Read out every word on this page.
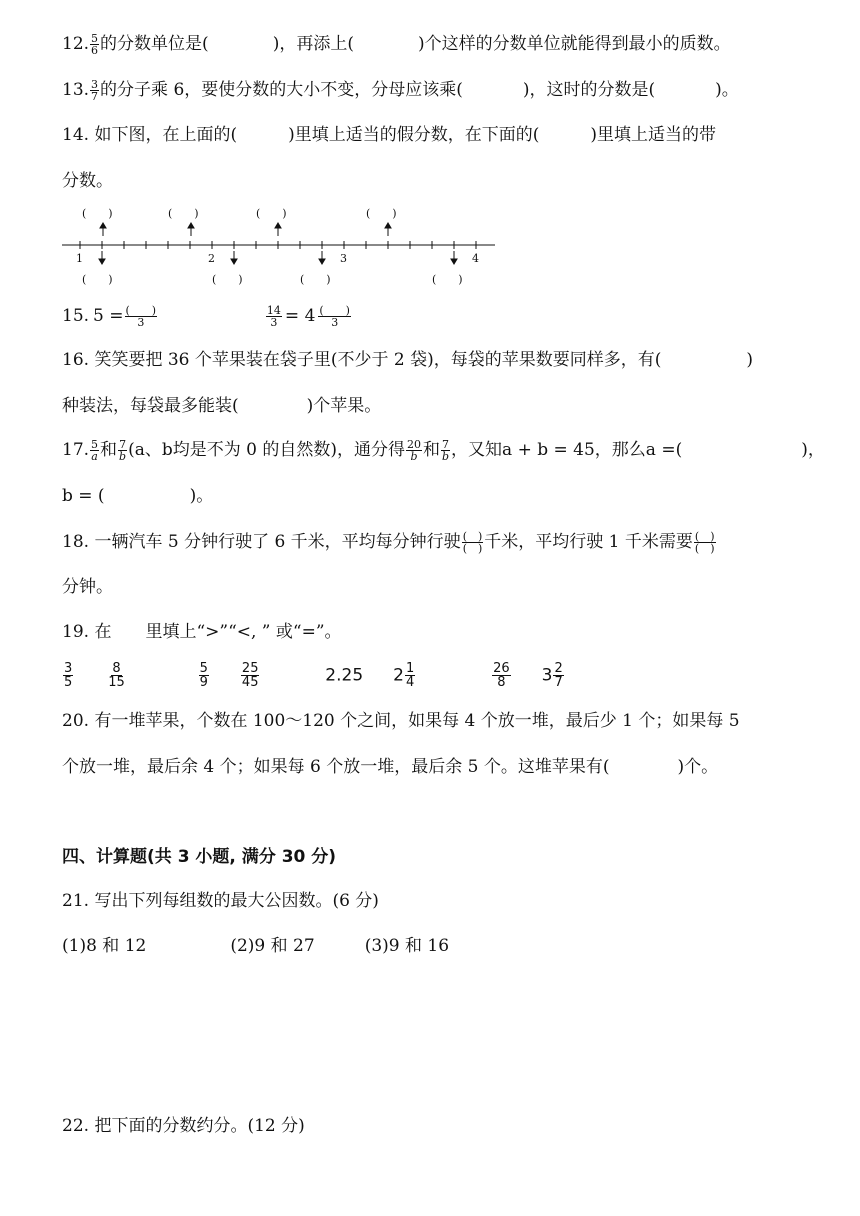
12. $\frac{5}{6}$ 的分数单位是(	)，再添上(	)个这样的分数单位就能得到最小的质数。
13. $\frac{3}{7}$ 的分子乘 6，要使分数的大小不变，分母应该乘(	)，这时的分数是(	)。
14. 如下图，在上面的(　　　)里填上适当的假分数，在下面的(　　　)里填上适当的带
分数。
(　　)	(　　)	(　　)	(　　)
1	2	3	4
(　　)	(　　)	(　　)	(　　)
15. $5 = \frac{( )}{3}$
	$\frac{14}{3} = 4 \frac{( )}{3}$
16. 笑笑要把 36 个苹果装在袋子里(不少于 2 袋)，每袋的苹果数要同样多，有(　　　　　)
种装法，每袋最多能装(　　　　)个苹果。
17. $\frac{5}{a}$ 和 $\frac{7}{b} (a$、b均是不为 0 的自然数)，通分得 $\frac{20}{b}$ 和 $\frac{7}{b}$ ，又知a + b = 45，那么a =(　　　　　　　)，
b = (　　　　　)。
18. 一辆汽车 5 分钟行驶了 6 千米，平均每分钟行驶 $\frac{( )}{( )}$ 千米，平均行驶 1 千米需要 $\frac{( )}{( )}$
分钟。
19. 在　　里填上“>”“<, ” 或“=”。
$\frac{3}{5}$	$\frac{8}{15}$
	$\frac{5}{9} \frac{25}{45}$	2.25 $2 \frac{1}{4}$
	$\frac{26}{8} 3 \frac{2}{7}$
20. 有一堆苹果，个数在 100～120 个之间，如果每 4 个放一堆，最后少 1 个；如果每 5
个放一堆，最后余 4 个；如果每 6 个放一堆，最后余 5 个。这堆苹果有(　　　　)个。
四、计算题(共 3 小题, 满分 30 分)
21. 写出下列每组数的最大公因数。(6 分)
(1)8 和 12	(2)9 和 27	(3)9 和 16
22. 把下面的分数约分。(12 分)
